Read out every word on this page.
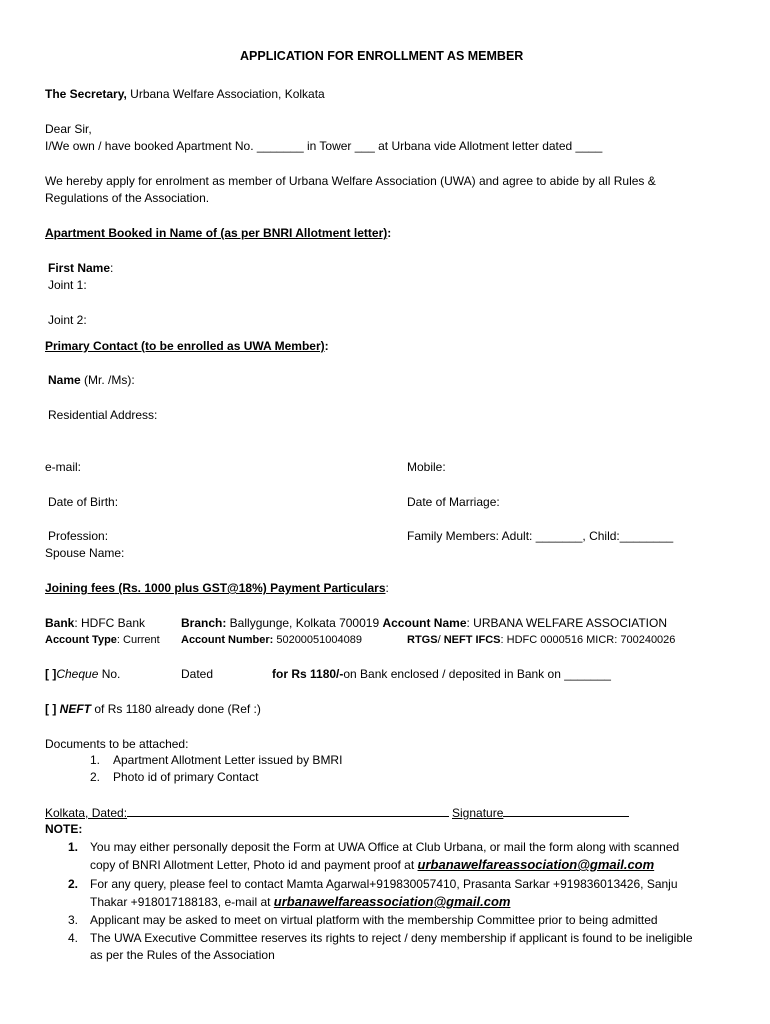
APPLICATION FOR ENROLLMENT AS MEMBER
The Secretary, Urbana Welfare Association, Kolkata
Dear Sir,
I/We own / have booked Apartment No. _______ in Tower ___ at Urbana vide Allotment letter dated ____
We hereby apply for enrolment as member of Urbana Welfare Association (UWA) and agree to abide by all Rules &
Regulations of the Association.
Apartment Booked in Name of (as per BNRI Allotment letter):
First Name:
Joint 1:
Joint 2:
Primary Contact (to be enrolled as UWA Member):
Name (Mr. /Ms):
Residential Address:
e-mail:	Mobile:
Date of Birth:	Date of Marriage:
Profession:	Family Members: Adult: _______, Child:________
Spouse Name:
Joining fees (Rs. 1000 plus GST@18%) Payment Particulars:
Bank: HDFC Bank	Branch: Ballygunge, Kolkata 700019 Account Name: URBANA WELFARE ASSOCIATION
Account Type: Current Account Number: 50200051004089	RTGS/ NEFT IFCS: HDFC 0000516 MICR: 700240026
[ ]Cheque No.	Dated	for Rs 1180/-on Bank enclosed / deposited in Bank on _______
[ ] NEFT of Rs 1180 already done (Ref :)
Documents to be attached:
1. Apartment Allotment Letter issued by BMRI
2. Photo id of primary Contact
Kolkata, Dated:	Signature
NOTE:
1. You may either personally deposit the Form at UWA Office at Club Urbana, or mail the form along with scanned
copy of BNRI Allotment Letter, Photo id and payment proof at urbanawelfareassociation@gmail.com
2. For any query, please feel to contact Mamta Agarwal+919830057410, Prasanta Sarkar +919836013426, Sanju
Thakar +918017188183, e-mail at urbanawelfareassociation@gmail.com
3. Applicant may be asked to meet on virtual platform with the membership Committee prior to being admitted
4. The UWA Executive Committee reserves its rights to reject / deny membership if applicant is found to be ineligible
as per the Rules of the Association
